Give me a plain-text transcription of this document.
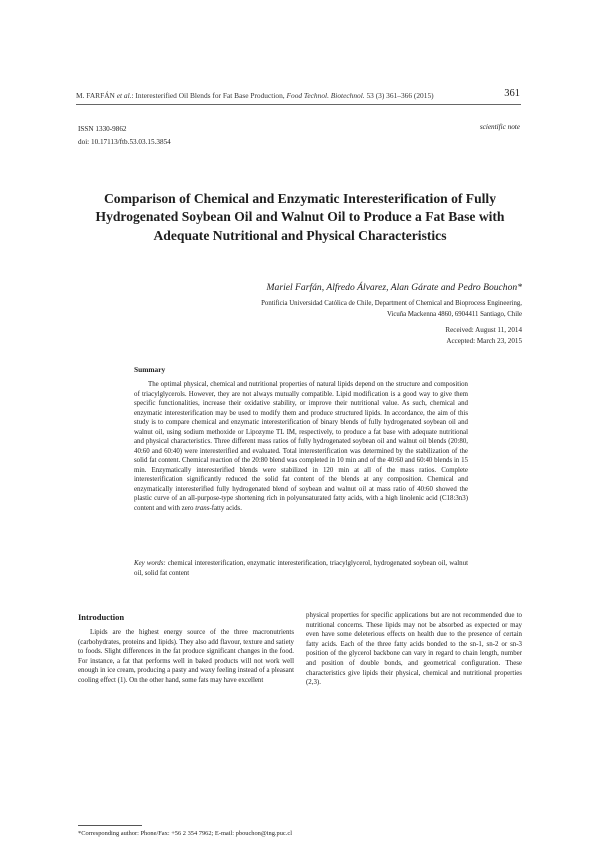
M. FARFÁN et al.: Interesterified Oil Blends for Fat Base Production, Food Technol. Biotechnol. 53 (3) 361–366 (2015)	361
ISSN 1330-9862
doi: 10.17113/ftb.53.03.15.3854
scientific note
Comparison of Chemical and Enzymatic Interesterification of Fully Hydrogenated Soybean Oil and Walnut Oil to Produce a Fat Base with Adequate Nutritional and Physical Characteristics
Mariel Farfán, Alfredo Álvarez, Alan Gárate and Pedro Bouchon*
Pontificia Universidad Católica de Chile, Department of Chemical and Bioprocess Engineering,
Vicuña Mackenna 4860, 6904411 Santiago, Chile
Received: August 11, 2014
Accepted: March 23, 2015
Summary

The optimal physical, chemical and nutritional properties of natural lipids depend on the structure and composition of triacylglycerols. However, they are not always mutually compatible. Lipid modification is a good way to give them specific functionalities, increase their oxidative stability, or improve their nutritional value. As such, chemical and enzymatic interesterification may be used to modify them and produce structured lipids. In accordance, the aim of this study is to compare chemical and enzymatic interesterification of binary blends of fully hydrogenated soybean oil and walnut oil, using sodium methoxide or Lipozyme TL IM, respectively, to produce a fat base with adequate nutritional and physical characteristics. Three different mass ratios of fully hydrogenated soybean oil and walnut oil blends (20:80, 40:60 and 60:40) were interesterified and evaluated. Total interesterification was determined by the stabilization of the solid fat content. Chemical reaction of the 20:80 blend was completed in 10 min and of the 40:60 and 60:40 blends in 15 min. Enzymatically interesterified blends were stabilized in 120 min at all of the mass ratios. Complete interesterification significantly reduced the solid fat content of the blends at any composition. Chemical and enzymatically interesterified fully hydrogenated blend of soybean and walnut oil at mass ratio of 40:60 showed the plastic curve of an all-purpose-type shortening rich in polyunsaturated fatty acids, with a high linolenic acid (C18:3n3) content and with zero trans-fatty acids.

Key words: chemical interesterification, enzymatic interesterification, triacylglycerol, hydrogenated soybean oil, walnut oil, solid fat content
Introduction

Lipids are the highest energy source of the three macronutrients (carbohydrates, proteins and lipids). They also add flavour, texture and satiety to foods. Slight differences in the fat produce significant changes in the food. For instance, a fat that performs well in baked products will not work well enough in ice cream, producing a pasty and waxy feeling instead of a pleasant cooling effect (1). On the other hand, some fats may have excellent

physical properties for specific applications but are not recommended due to nutritional concerns. These lipids may not be absorbed as expected or may even have some deleterious effects on health due to the presence of certain fatty acids. Each of the three fatty acids bonded to the sn-1, sn-2 or sn-3 position of the glycerol backbone can vary in regard to chain length, number and position of double bonds, and geometrical configuration. These characteristics give lipids their physical, chemical and nutritional properties (2,3).

*Corresponding author: Phone/Fax: +56 2 354 7962; E-mail: pbouchon@ing.puc.cl
